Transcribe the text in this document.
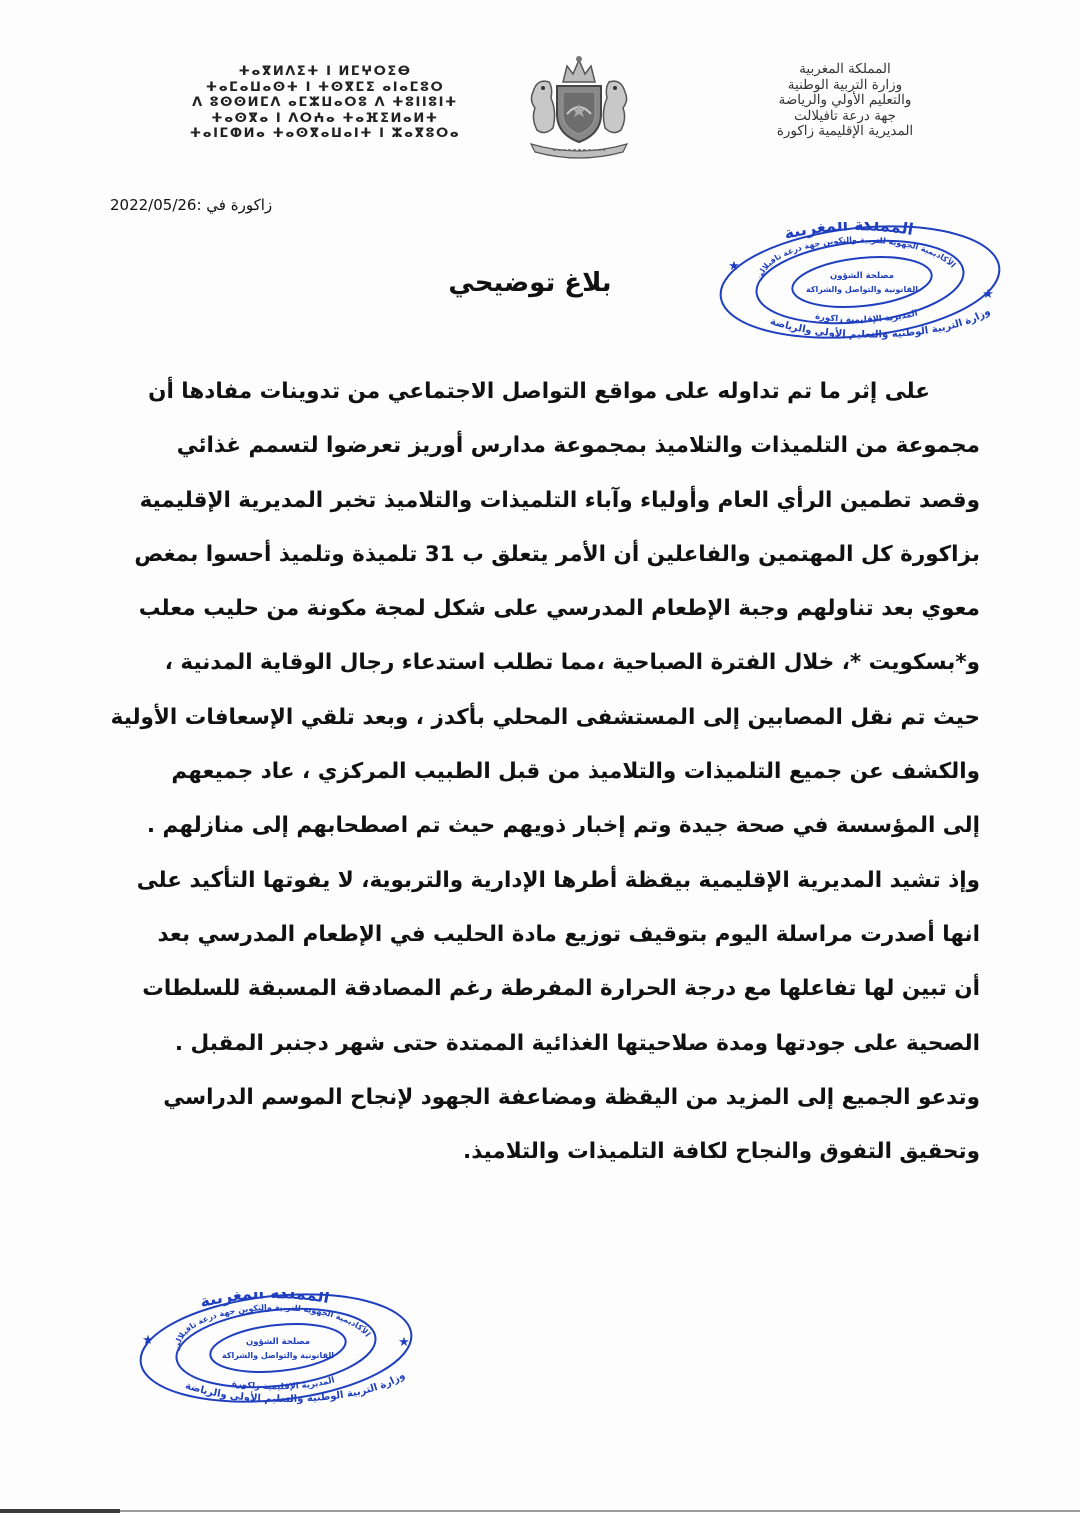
ⵜⴰⴳⵍⴷⵉⵜ ⵏ ⵍⵎⵖⵔⵉⴱ
ⵜⴰⵎⴰⵡⴰⵙⵜ ⵏ ⵜⵙⴳⵎⵉ ⴰⵏⴰⵎⵓⵔ
ⴷ ⵓⵙⵙⵍⵎⴷ ⴰⵎⵣⵡⴰⵔⵓ ⴷ ⵜⵓⵏⵏⵓⵏⵜ
ⵜⴰⵙⴳⴰ ⵏ ⴷⵔⵄⴰ ⵜⴰⴼⵉⵍⴰⵍⵜ
ⵜⴰⵏⵎⵀⵍⴰ ⵜⴰⵙⴳⴰⵡⴰⵏⵜ ⵏ ⵣⴰⴳⵓⵔⴰ
المملكة المغربية
وزارة التربية الوطنية
والتعليم الأولي والرياضة
جهة درعة تافيلالت
المديرية الإقليمية زاكورة
زاكورة في :2022/05/26
المملكة المغربية
وزارة التربية الوطنية والتعليم الأولي والرياضة
الأكاديمية الجهوية للتربية والتكوين جهة درعة تافيلالت
المديرية الإقليمية زاكورة
مصلحة الشؤون
القانونية والتواصل والشراكة
★
★
بلاغ توضيحي
على إثر ما تم تداوله على مواقع التواصل الاجتماعي من تدوينات مفادها أن
مجموعة من التلميذات والتلاميذ بمجموعة مدارس أوريز تعرضوا لتسمم غذائي
وقصد تطمين الرأي العام وأولياء وآباء التلميذات والتلاميذ تخبر المديرية الإقليمية
بزاكورة كل المهتمين والفاعلين أن الأمر يتعلق ب 31 تلميذة وتلميذ أحسوا بمغص
معوي بعد تناولهم وجبة الإطعام المدرسي على شكل لمجة مكونة من حليب معلب
و*بسكويت *، خلال الفترة الصباحية ،مما تطلب استدعاء رجال الوقاية المدنية ،
حيث تم نقل المصابين إلى المستشفى المحلي بأكدز ، وبعد تلقي الإسعافات الأولية
والكشف عن جميع التلميذات والتلاميذ من قبل الطبيب المركزي ، عاد جميعهم
إلى المؤسسة في صحة جيدة وتم إخبار ذويهم حيث تم اصطحابهم إلى منازلهم .
وإذ تشيد المديرية الإقليمية بيقظة أطرها الإدارية والتربوية، لا يفوتها التأكيد على
انها أصدرت مراسلة اليوم بتوقيف توزيع مادة الحليب في الإطعام المدرسي بعد
أن تبين لها تفاعلها مع درجة الحرارة المفرطة رغم المصادقة المسبقة للسلطات
الصحية على جودتها ومدة صلاحيتها الغذائية الممتدة حتى شهر دجنبر المقبل .
وتدعو الجميع إلى المزيد من اليقظة ومضاعفة الجهود لإنجاح الموسم الدراسي
وتحقيق التفوق والنجاح لكافة التلميذات والتلاميذ.
المملكة المغربية
وزارة التربية الوطنية والتعليم الأولي والرياضة
الأكاديمية الجهوية للتربية والتكوين جهة درعة تافيلالت
المديرية الإقليمية زاكورة
مصلحة الشؤون
القانونية والتواصل والشراكة
★	★
